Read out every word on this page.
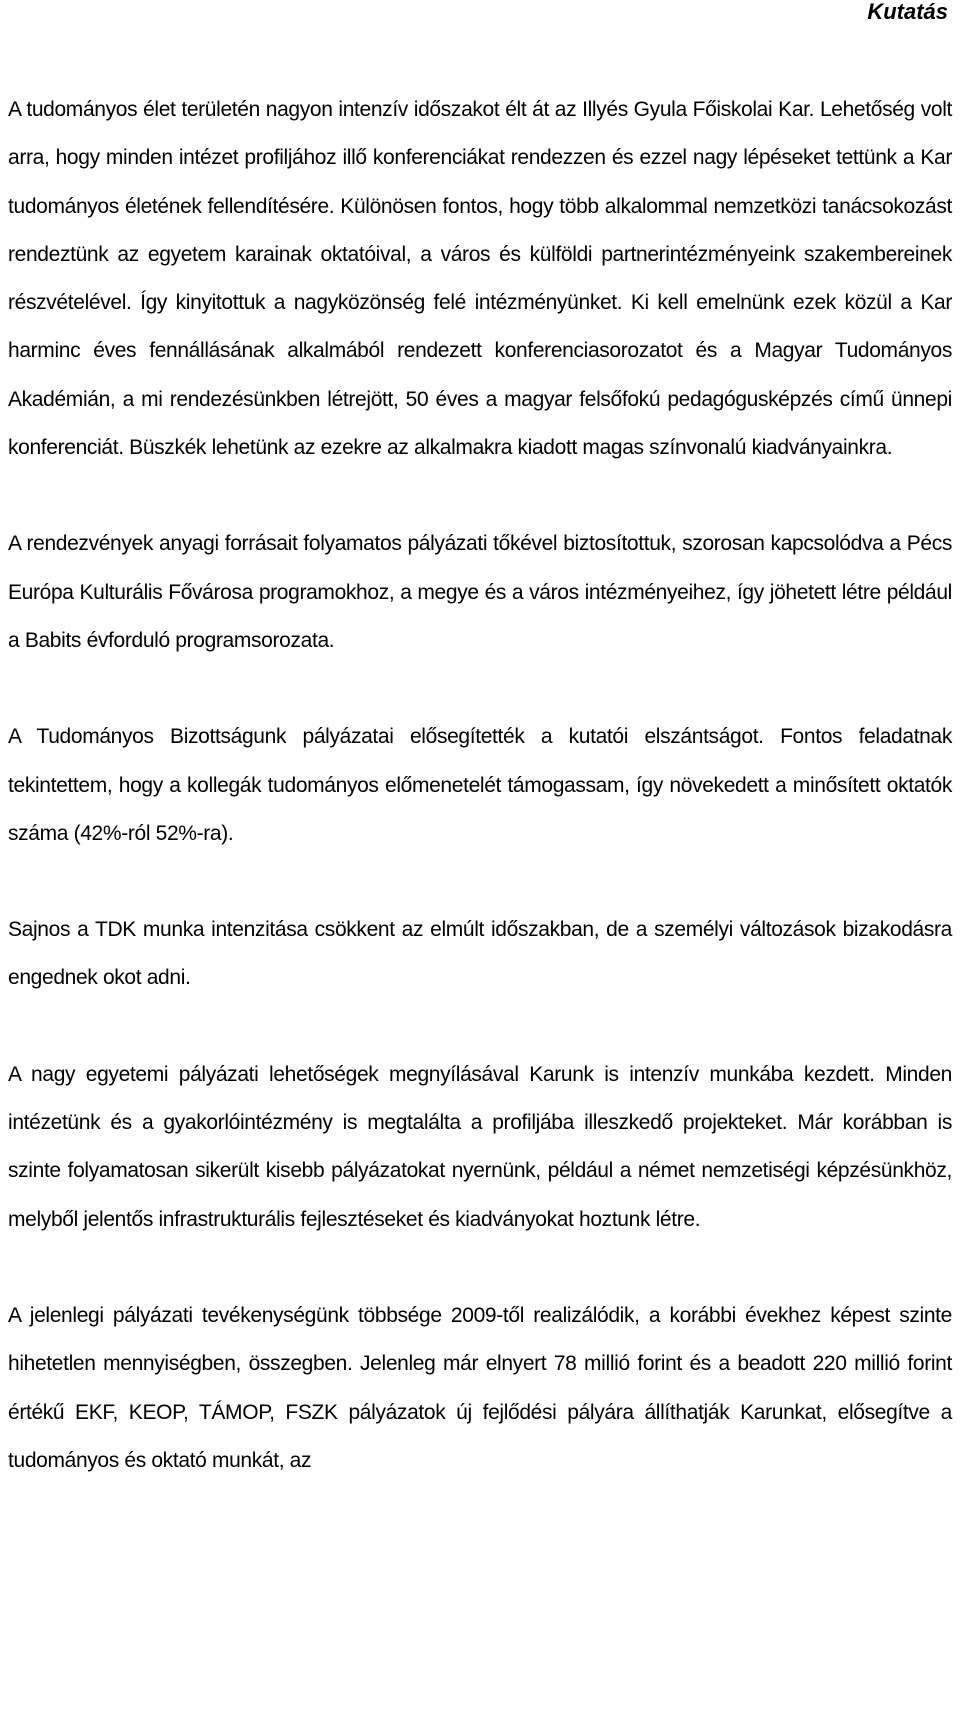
Kutatás

A tudományos élet területén nagyon intenzív időszakot élt át az Illyés Gyula Főiskolai Kar. Lehetőség volt arra, hogy minden intézet profiljához illő konferenciákat rendezzen és ezzel nagy lépéseket tettünk a Kar tudományos életének fellendítésére. Különösen fontos, hogy több alkalommal nemzetközi tanácsokozást rendeztünk az egyetem karainak oktatóival, a város és külföldi partnerintézményeink szakembereinek részvételével. Így kinyitottuk a nagyközönség felé intézményünket. Ki kell emelnünk ezek közül a Kar harminc éves fennállásának alkalmából rendezett konferenciasorozatot és a Magyar Tudományos Akadémián, a mi rendezésünkben létrejött, 50 éves a magyar felsőfokú pedagógusképzés című ünnepi konferenciát. Büszkék lehetünk az ezekre az alkalmakra kiadott magas színvonalú kiadványainkra.

A rendezvények anyagi forrásait folyamatos pályázati tőkével biztosítottuk, szorosan kapcsolódva a Pécs Európa Kulturális Fővárosa programokhoz, a megye és a város intézményeihez, így jöhetett létre például a Babits évforduló programsorozata.

A Tudományos Bizottságunk pályázatai elősegítették a kutatói elszántságot. Fontos feladatnak tekintettem, hogy a kollegák tudományos előmenetelét támogassam, így növekedett a minősített oktatók száma (42%-ról 52%-ra).

Sajnos a TDK munka intenzitása csökkent az elmúlt időszakban, de a személyi változások bizakodásra engednek okot adni.

A nagy egyetemi pályázati lehetőségek megnyílásával Karunk is intenzív munkába kezdett. Minden intézetünk és a gyakorlóintézmény is megtalálta a profiljába illeszkedő projekteket. Már korábban is szinte folyamatosan sikerült kisebb pályázatokat nyernünk, például a német nemzetiségi képzésünkhöz, melyből jelentős infrastrukturális fejlesztéseket és kiadványokat hoztunk létre.

A jelenlegi pályázati tevékenységünk többsége 2009-től realizálódik, a korábbi évekhez képest szinte hihetetlen mennyiségben, összegben. Jelenleg már elnyert 78 millió forint és a beadott 220 millió forint értékű EKF, KEOP, TÁMOP, FSZK pályázatok új fejlődési pályára állíthatják Karunkat, elősegítve a tudományos és oktató munkát, az
